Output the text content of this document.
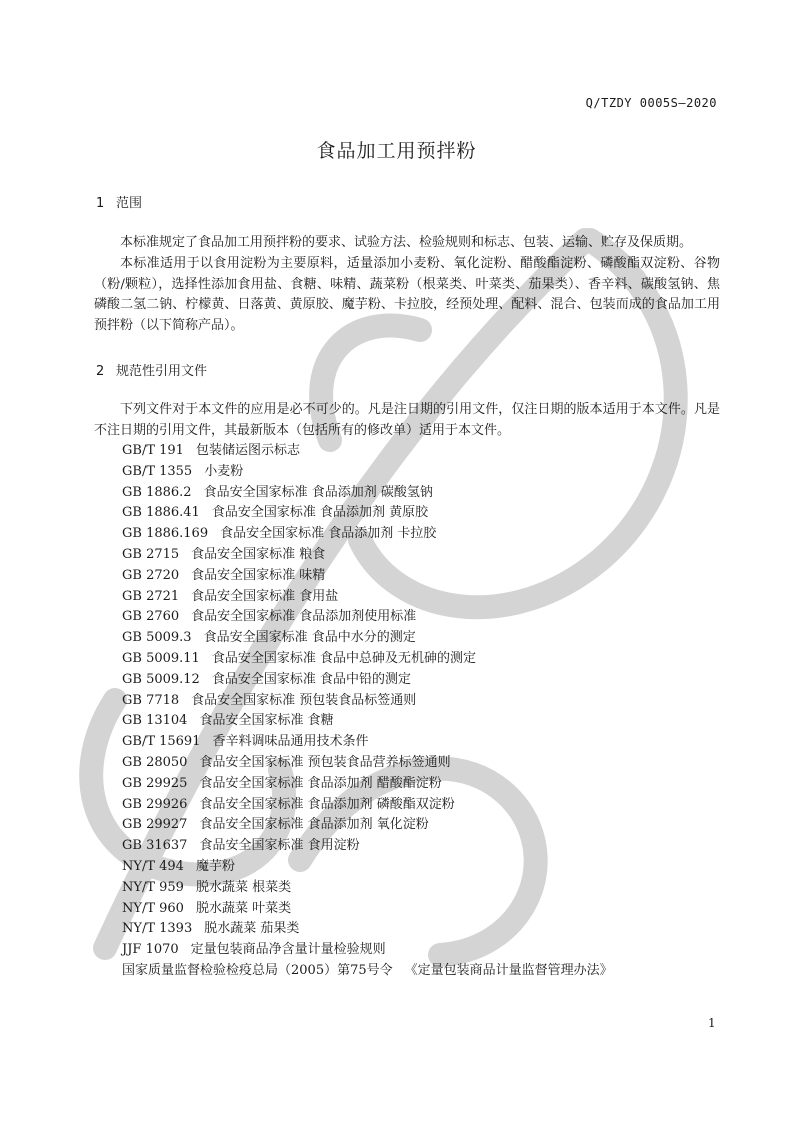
Q/TZDY 0005S—2020
食品加工用预拌粉
1 范围

本标准规定了食品加工用预拌粉的要求、试验方法、检验规则和标志、包装、运输、贮存及保质期。

本标准适用于以食用淀粉为主要原料，适量添加小麦粉、氧化淀粉、醋酸酯淀粉、磷酸酯双淀粉、谷物（粉/颗粒），选择性添加食用盐、食糖、味精、蔬菜粉（根菜类、叶菜类、茄果类）、香辛料、碳酸氢钠、焦磷酸二氢二钠、柠檬黄、日落黄、黄原胶、魔芋粉、卡拉胶，经预处理、配料、混合、包装而成的食品加工用预拌粉（以下简称产品）。

2 规范性引用文件

下列文件对于本文件的应用是必不可少的。凡是注日期的引用文件，仅注日期的版本适用于本文件。凡是不注日期的引用文件，其最新版本（包括所有的修改单）适用于本文件。

GB/T 191 包装储运图示标志
GB/T 1355 小麦粉
GB 1886.2 食品安全国家标准 食品添加剂 碳酸氢钠
GB 1886.41 食品安全国家标准 食品添加剂 黄原胶
GB 1886.169 食品安全国家标准 食品添加剂 卡拉胶
GB 2715 食品安全国家标准 粮食
GB 2720 食品安全国家标准 味精
GB 2721 食品安全国家标准 食用盐
GB 2760 食品安全国家标准 食品添加剂使用标准
GB 5009.3 食品安全国家标准 食品中水分的测定
GB 5009.11 食品安全国家标准 食品中总砷及无机砷的测定
GB 5009.12 食品安全国家标准 食品中铅的测定
GB 7718 食品安全国家标准 预包装食品标签通则
GB 13104 食品安全国家标准 食糖
GB/T 15691 香辛料调味品通用技术条件
GB 28050 食品安全国家标准 预包装食品营养标签通则
GB 29925 食品安全国家标准 食品添加剂 醋酸酯淀粉
GB 29926 食品安全国家标准 食品添加剂 磷酸酯双淀粉
GB 29927 食品安全国家标准 食品添加剂 氧化淀粉
GB 31637 食品安全国家标准 食用淀粉
NY/T 494 魔芋粉
NY/T 959 脱水蔬菜 根菜类
NY/T 960 脱水蔬菜 叶菜类
NY/T 1393 脱水蔬菜 茄果类
JJF 1070 定量包装商品净含量计量检验规则
国家质量监督检验检疫总局（2005）第75号令 《定量包装商品计量监督管理办法》
1
